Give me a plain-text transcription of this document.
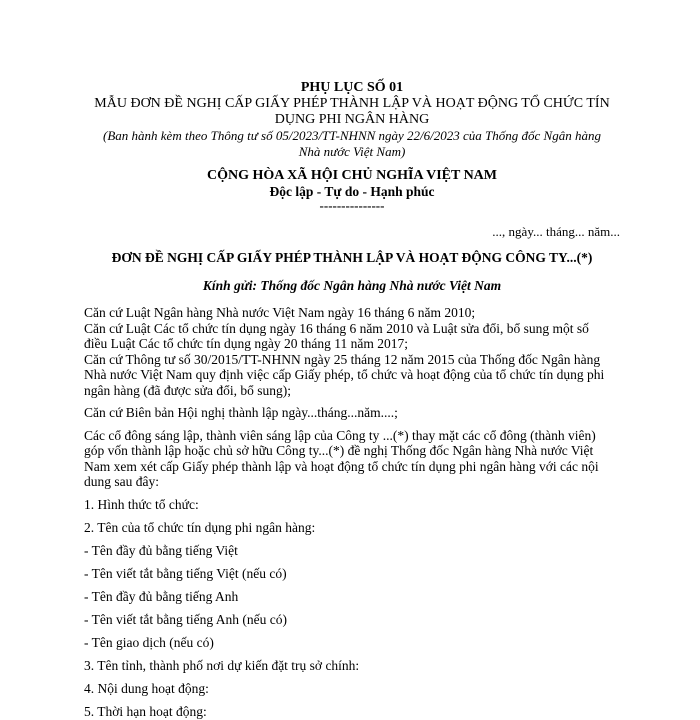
PHỤ LỤC SỐ 01
MẪU ĐƠN ĐỀ NGHỊ CẤP GIẤY PHÉP THÀNH LẬP VÀ HOẠT ĐỘNG TỔ CHỨC TÍN
DỤNG PHI NGÂN HÀNG
(Ban hành kèm theo Thông tư số 05/2023/TT-NHNN ngày 22/6/2023 của Thống đốc Ngân hàng
Nhà nước Việt Nam)
CỘNG HÒA XÃ HỘI CHỦ NGHĨA VIỆT NAM
Độc lập - Tự do - Hạnh phúc
---------------
..., ngày... tháng... năm...
ĐƠN ĐỀ NGHỊ CẤP GIẤY PHÉP THÀNH LẬP VÀ HOẠT ĐỘNG CÔNG TY...(*)
Kính gửi: Thống đốc Ngân hàng Nhà nước Việt Nam

Căn cứ Luật Ngân hàng Nhà nước Việt Nam ngày 16 tháng 6 năm 2010;

Căn cứ Luật Các tổ chức tín dụng ngày 16 tháng 6 năm 2010 và Luật sửa đổi, bổ sung một số

điều Luật Các tổ chức tín dụng ngày 20 tháng 11 năm 2017;

Căn cứ Thông tư số 30/2015/TT-NHNN ngày 25 tháng 12 năm 2015 của Thống đốc Ngân hàng

Nhà nước Việt Nam quy định việc cấp Giấy phép, tổ chức và hoạt động của tổ chức tín dụng phi

ngân hàng (đã được sửa đổi, bổ sung);

Căn cứ Biên bản Hội nghị thành lập ngày...tháng...năm....;

Các cổ đông sáng lập, thành viên sáng lập của Công ty ...(*) thay mặt các cổ đông (thành viên)

góp vốn thành lập hoặc chủ sở hữu Công ty...(*) đề nghị Thống đốc Ngân hàng Nhà nước Việt

Nam xem xét cấp Giấy phép thành lập và hoạt động tổ chức tín dụng phi ngân hàng với các nội

dung sau đây:

1. Hình thức tổ chức:
2. Tên của tổ chức tín dụng phi ngân hàng:
- Tên đầy đủ bằng tiếng Việt
- Tên viết tắt bằng tiếng Việt (nếu có)
- Tên đầy đủ bằng tiếng Anh
- Tên viết tắt bằng tiếng Anh (nếu có)
- Tên giao dịch (nếu có)
3. Tên tỉnh, thành phố nơi dự kiến đặt trụ sở chính:
4. Nội dung hoạt động:
5. Thời hạn hoạt động:
